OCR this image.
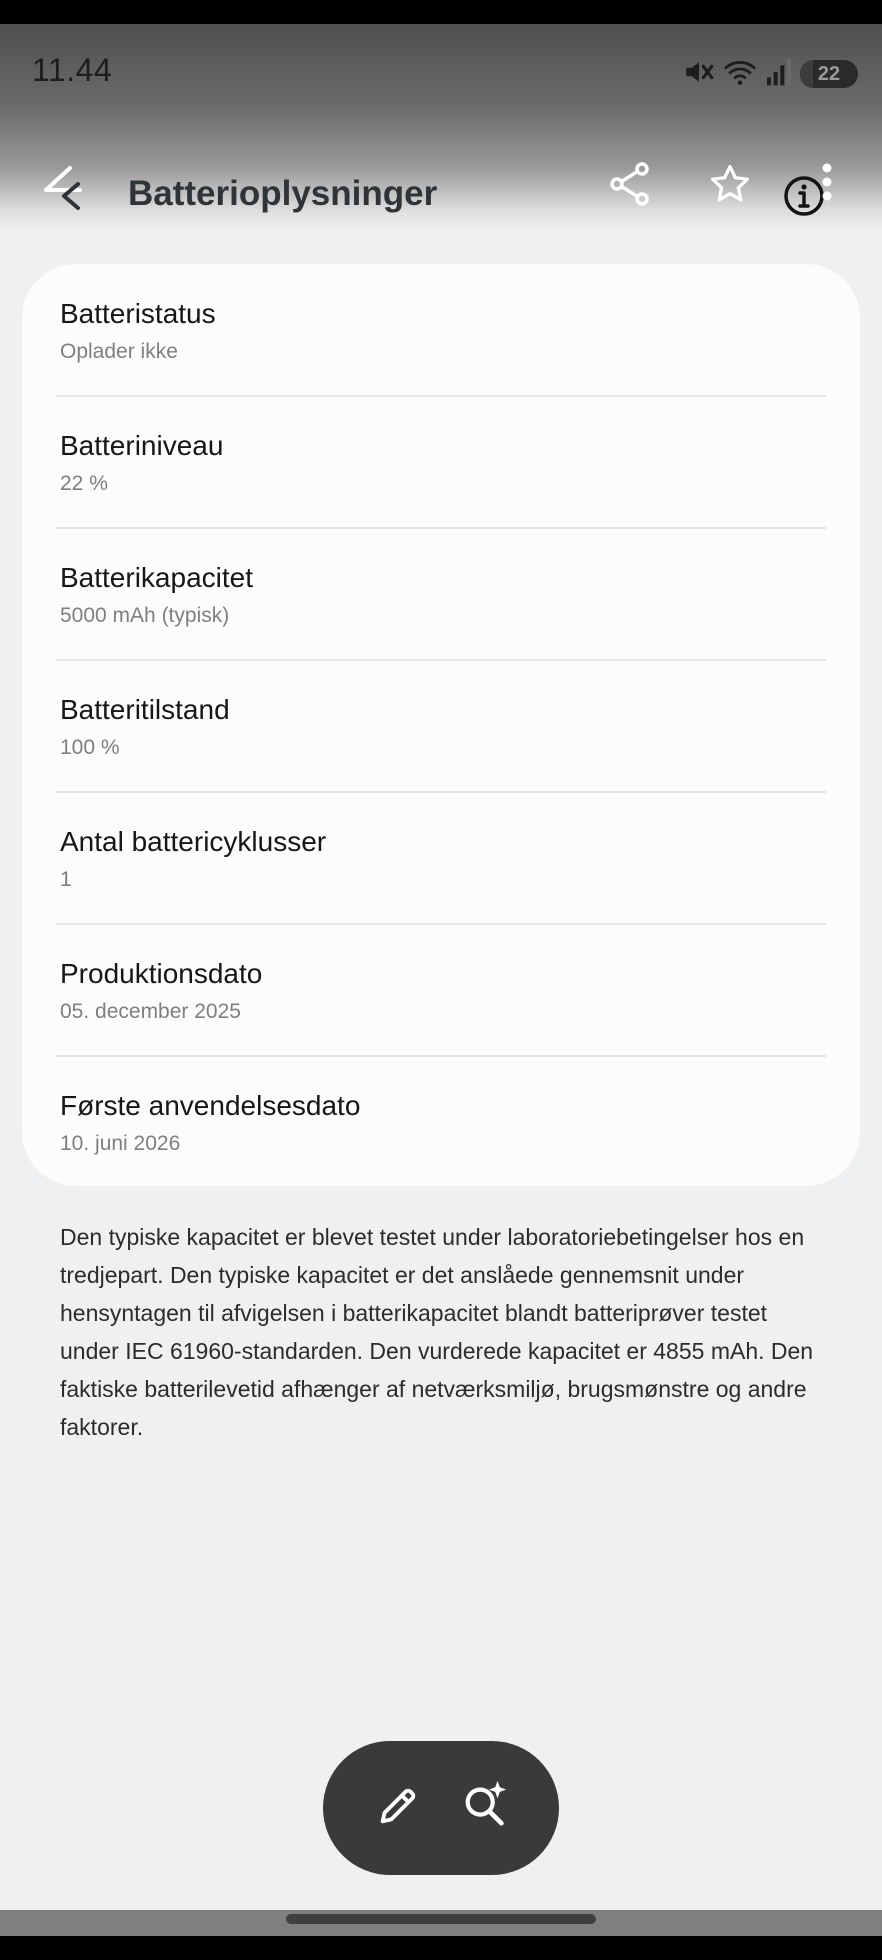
11.44	22
Batterioplysninger
Batteristatus
Oplader ikke
Batteriniveau
22 %
Batterikapacitet
5000 mAh (typisk)
Batteritilstand
100 %
Antal battericyklusser
1
Produktionsdato
05. december 2025
Første anvendelsesdato
10. juni 2026
Den typiske kapacitet er blevet testet under laboratoriebetingelser hos en tredjepart. Den typiske kapacitet er det anslåede gennemsnit under hensyntagen til afvigelsen i batterikapacitet blandt batteriprøver testet under IEC 61960-standarden. Den vurderede kapacitet er 4855 mAh. Den faktiske batterilevetid afhænger af netværksmiljø, brugsmønstre og andre faktorer.
